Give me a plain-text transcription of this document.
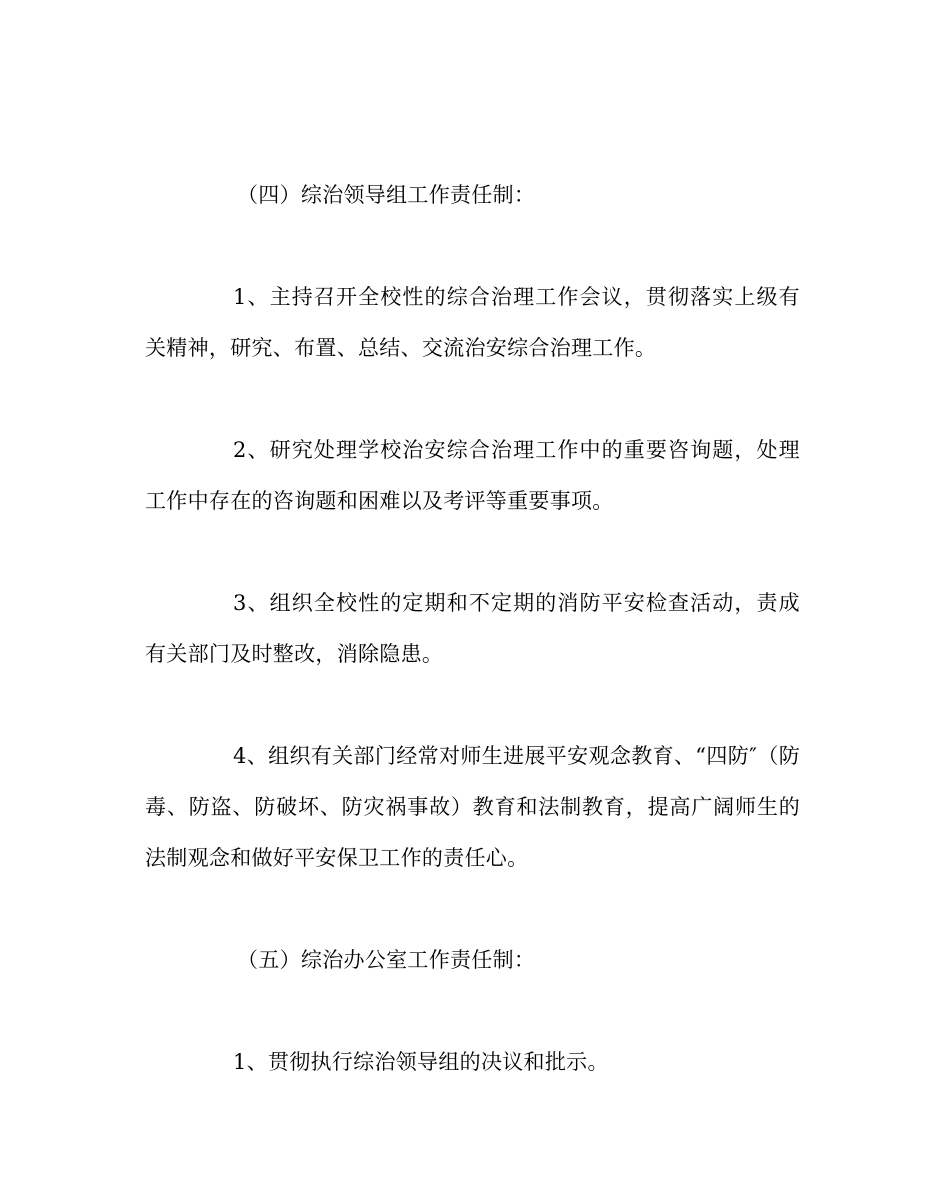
（四）综治领导组工作责任制：

1、主持召开全校性的综合治理工作会议，贯彻落实上级有关精神，研究、布置、总结、交流治安综合治理工作。

2、研究处理学校治安综合治理工作中的重要咨询题，处理工作中存在的咨询题和困难以及考评等重要事项。

3、组织全校性的定期和不定期的消防平安检查活动，责成有关部门及时整改，消除隐患。

4、组织有关部门经常对师生进展平安观念教育、“四防″（防毒、防盗、防破坏、防灾祸事故）教育和法制教育，提高广阔师生的法制观念和做好平安保卫工作的责任心。

（五）综治办公室工作责任制：

1、贯彻执行综治领导组的决议和批示。
